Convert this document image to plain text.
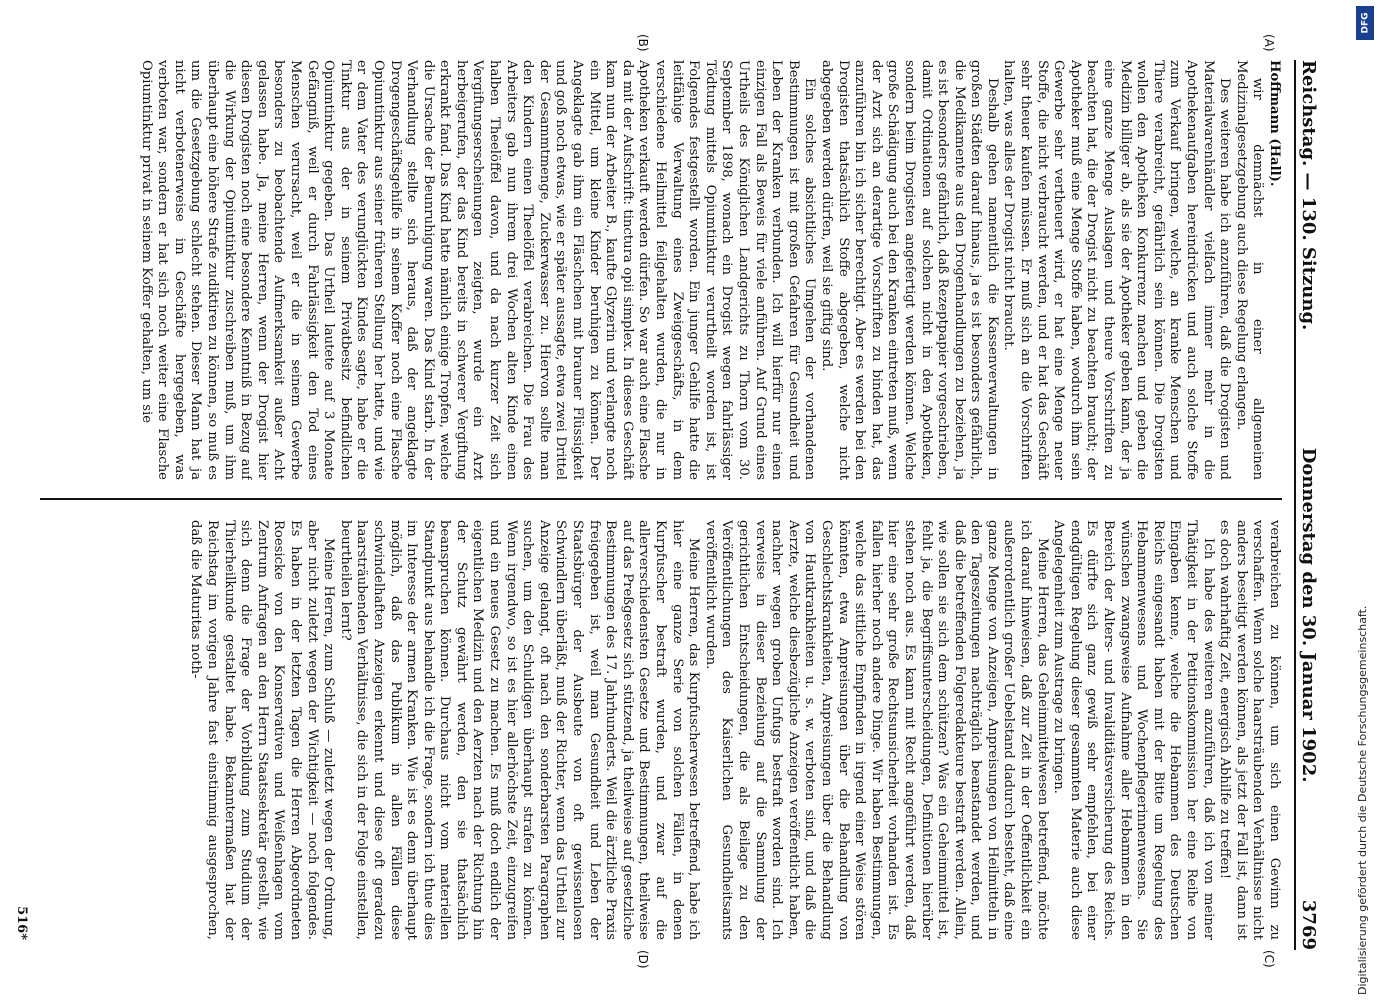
Reichstag. — 130. Sitzung.
Donnerstag den 30. Januar 1902.
3769
(A)
(B)
(C)
(D)

Hoffmann (Hall).

wir demnächst in einer allgemeinen Medizinalgesetzgebung auch diese Regelung erlangen.

Des weiteren habe ich anzuführen, daß die Drogisten und Materialwarenhändler vielfach immer mehr in die Apothekenaufgaben hereindrücken und auch solche Stoffe zum Verkauf bringen, welche, an kranke Menschen und Thiere verabreicht, gefährlich sein können. Die Drogisten wollen den Apotheken Konkurrenz machen und geben die Medizin billiger ab, als sie der Apotheker geben kann, der ja eine ganze Menge Auslagen und theure Vorschriften zu beachten hat, die der Drogist nicht zu beachten braucht; der Apotheker muß eine Menge Stoffe haben, wodurch ihm sein Gewerbe sehr vertheuert wird, er hat eine Menge neuer Stoffe, die nicht verbraucht werden, und er hat das Geschäft sehr theuer kaufen müssen. Er muß sich an die Vorschriften halten, was alles der Drogist nicht braucht.

Deshalb gehen namentlich die Kassenverwaltungen in großen Städten darauf hinaus, ja es ist besonders gefährlich, die Medikamente aus den Drogenhandlungen zu beziehen, ja es ist besonders gefährlich, daß Rezeptpapier vorgeschrieben, damit Ordinationen auf solchen nicht in den Apotheken, sondern beim Drogisten angefertigt werden können. Welche große Schädigung auch bei den Kranken eintreten muß, wenn der Arzt sich an derartige Vorschriften zu binden hat, das anzuführen bin ich sicher berechtigt. Aber es werden bei den Drogisten thatsächlich Stoffe abgegeben, welche nicht abgegeben werden dürfen, weil sie giftig sind.

Ein solches absichtliches Umgehen der vorhandenen Bestimmungen ist mit großen Gefahren für Gesundheit und Leben der Kranken verbunden. Ich will hierfür nur einen einzigen Fall als Beweis für viele anführen. Auf Grund eines Urtheils des Königlichen Landgerichts zu Thorn vom 30. September 1898, wonach ein Drogist wegen fahrlässiger Tödtung mittels Opiumtinktur verurtheilt worden ist, ist Folgendes festgestellt worden. Ein junger Gehilfe hatte die leitfähige Verwaltung eines Zweiggeschäfts, in dem verschiedene Heilmittel feilgehalten wurden, die nur in Apotheken verkauft werden dürfen. So war auch eine Flasche da mit der Aufschrift: tinctura opii simplex. In dieses Geschäft kam nun der Arbeiter B., kaufte Glyzerin und verlangte noch ein Mittel, um kleine Kinder beruhigen zu können. Der Angeklagte gab ihm ein Fläschchen mit brauner Flüssigkeit und goß noch etwas, wie er später aussagte, etwa zwei Drittel der Gesammtmenge, Zuckerwasser zu. Hiervon sollte man den Kindern einen Theelöffel verabreichen. Die Frau des Arbeiters gab nun ihrem drei Wochen alten Kinde einen halben Theelöffel davon, und da nach kurzer Zeit sich Vergiftungserscheinungen zeigten, wurde ein Arzt herbeigerufen, der das Kind bereits in schwerer Vergiftung erkrankt fand. Das Kind hatte nämlich einige Tropfen, welche die Ursache der Beunruhigung waren. Das Kind starb. In der Verhandlung stellte sich heraus, daß der angeklagte Drogengeschäftsgehilfe in seinem Koffer noch eine Flasche Opiumtinktur aus seiner früheren Stellung her hatte, und wie er dem Vater des verunglückten Kindes sagte, habe er die Tinktur aus der in seinem Privatbesitz befindlichen Opiumtinktur gegeben. Das Urtheil lautete auf 3 Monate Gefängniß, weil er durch Fahrlässigkeit den Tod eines Menschen verursacht, weil er die in seinem Gewerbe besonders zu beobachtende Aufmerksamkeit außer Acht gelassen habe. Ja, meine Herren, wenn der Drogist hier diesen Drogisten noch eine besondere Kenntniß in Bezug auf die Wirkung der Opiumtinktur zuschreiben muß, um ihm überhaupt eine höhere Strafe zudiktiren zu können, so muß es um die Gesetzgebung schlecht stehen. Dieser Mann hat ja nicht verbotenerweise im Geschäfte hergegeben, was verboten war, sondern er hat sich noch weiter eine Flasche Opiumtinktur privat in seinem Koffer gehalten, um sie

verabreichen zu können, um sich einen Gewinn zu verschaffen. Wenn solche haarsträubenden Verhältnisse nicht anders beseitigt werden können, als jetzt der Fall ist, dann ist es doch wahrhaftig Zeit, energisch Abhilfe zu treffen!

Ich habe des weiteren anzuführen, daß ich von meiner Thätigkeit in der Petitionskommission her eine Reihe von Eingaben kenne, welche die Hebammen des Deutschen Reichs eingesandt haben mit der Bitte um Regelung des Hebammenwesens und Wochenpflegerinnenwesens. Sie wünschen zwangsweise Aufnahme aller Hebammen in den Bereich der Alters- und Invaliditätsversicherung des Reichs. Es dürfte sich ganz gewiß sehr empfehlen, bei einer endgültigen Regelung dieser gesammten Materie auch diese Angelegenheit zum Austrage zu bringen.

Meine Herren, das Geheimmittelwesen betreffend, möchte ich darauf hinweisen, daß zur Zeit in der Oeffentlichkeit ein außerordentlich großer Uebelstand dadurch besteht, daß eine ganze Menge von Anzeigen, Anpreisungen von Heilmitteln in den Tageszeitungen nachträglich beanstandet werden, und daß die betreffenden Folgeredakteure bestraft werden. Allein, wie sollen sie sich dem schützen? Was ein Geheimmittel ist, fehlt ja, die Begriffsunterscheidungen, Definitionen hierüber stehen noch aus. Es kann mit Recht angeführt werden, daß hier eine sehr große Rechtsunsicherheit vorhanden ist. Es fallen hierher noch andere Dinge. Wir haben Bestimmungen, welche das sittliche Empfinden in irgend einer Weise stören könnten, etwa Anpreisungen über die Behandlung von Geschlechtskrankheiten, Anpreisungen über die Behandlung von Hautkrankheiten u. s. w. verboten sind, und daß die Aerzte, welche diesbezügliche Anzeigen veröffentlicht haben, nachher wegen groben Unfugs bestraft worden sind. Ich verweise in dieser Beziehung auf die Sammlung der gerichtlichen Entscheidungen, die als Beilage zu den Veröffentlichungen des Kaiserlichen Gesundheitsamts veröffentlicht wurden.

Meine Herren, das Kurpfuscherwesen betreffend, habe ich hier eine ganze Serie von solchen Fällen, in denen Kurpfuscher bestraft wurden, und zwar auf die allerverschiedensten Gesetze und Bestimmungen, theilweise auf das Preßgesetz sich stützend, ja theilweise auf gesetzliche Bestimmungen des 17. Jahrhunderts. Weil die ärztliche Praxis freigegeben ist, weil man Gesundheit und Leben der Staatsbürger der Ausbeute von oft gewissenlosen Schwindlern überläßt, muß der Richter, wenn das Urtheil zur Anzeige gelangt, oft nach den sonderbarsten Paragraphen suchen, um den Schuldigen überhaupt strafen zu können. Wenn irgendwo, so ist es hier allerhöchste Zeit, einzugreifen und ein neues Gesetz zu machen. Es muß doch endlich der eigentlichen Medizin und den Aerzten nach der Richtung hin der Schutz gewährt werden, den sie thatsächlich beanspruchen können. Durchaus nicht vom materiellen Standpunkt aus behandle ich die Frage, sondern ich thue dies im Interesse der armen Kranken. Wie ist es denn überhaupt möglich, daß das Publikum in allen Fällen diese schwindelhaften Anzeigen erkennt und diese oft geradezu haarsträubenden Verhältnisse, die sich in der Folge einstellen, beurtheilen lernt?

Meine Herren, zum Schluß — zuletzt wegen der Ordnung, aber nicht zuletzt wegen der Wichtigkeit — noch folgendes. Es haben in der letzten Tagen die Herren Abgeordneten Roesicke von den Konservativen und Weißenhagen vom Zentrum Anfragen an den Herrn Staatssekretär gestellt, wie sich denn die Frage der Vorbildung zum Studium der Thierheilkunde gestaltet habe. Bekanntermaßen hat der Reichstag im vorigen Jahre fast einstimmig ausgesprochen, daß die Maturitas noth-

516*
DFG
Digitalisierung gefördert durch die Deutsche Forschungsgemeinschaft.
